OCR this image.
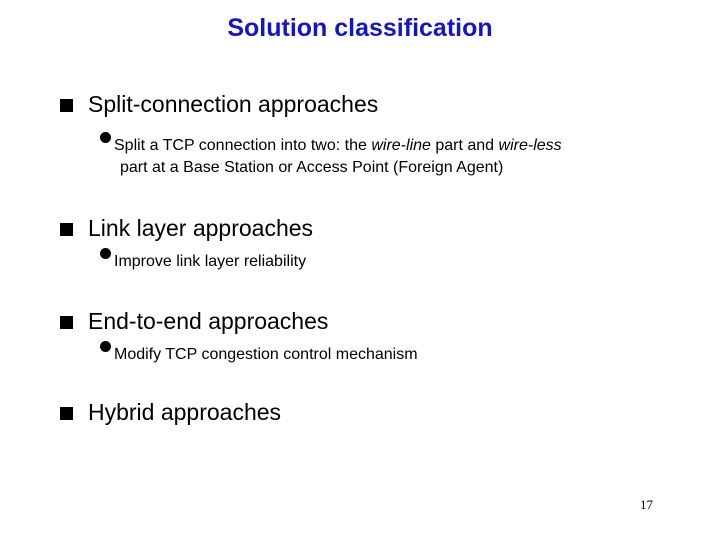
Solution classification
Split-connection approaches
Split a TCP connection into two: the wire-line part and wire-less
part at a Base Station or Access Point (Foreign Agent)
Link layer approaches
Improve link layer reliability
End-to-end approaches
Modify TCP congestion control mechanism
Hybrid approaches
17
